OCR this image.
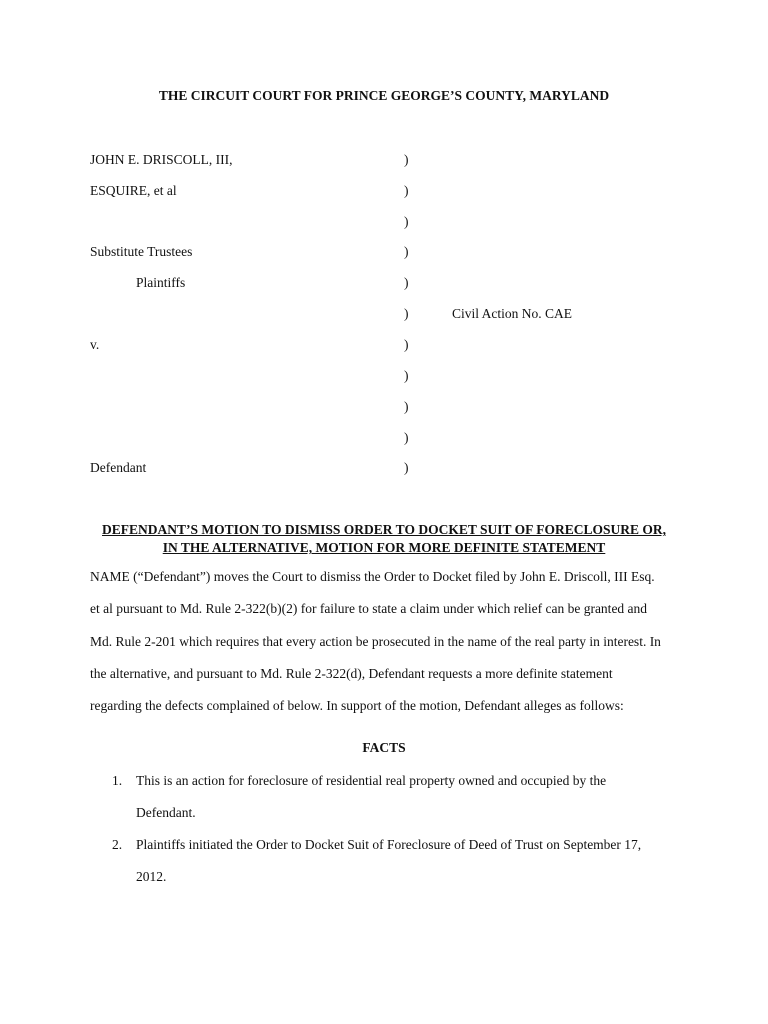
THE CIRCUIT COURT FOR PRINCE GEORGE’S COUNTY, MARYLAND
JOHN E. DRISCOLL, III,	)
ESQUIRE, et al	)
)
Substitute Trustees	)
Plaintiffs	)
)	Civil Action No. CAE
v.	)
)
)
)
Defendant	)
DEFENDANT’S MOTION TO DISMISS ORDER TO DOCKET SUIT OF FORECLOSURE OR,
IN THE ALTERNATIVE, MOTION FOR MORE DEFINITE STATEMENT
NAME (“Defendant”) moves the Court to dismiss the Order to Docket filed by John E. Driscoll, III Esq.
et al pursuant to Md. Rule 2-322(b)(2) for failure to state a claim under which relief can be granted and
Md. Rule 2-201 which requires that every action be prosecuted in the name of the real party in interest. In
the alternative, and pursuant to Md. Rule 2-322(d), Defendant requests a more definite statement
regarding the defects complained of below. In support of the motion, Defendant alleges as follows:
FACTS
1. This is an action for foreclosure of residential real property owned and occupied by the
Defendant.
2. Plaintiffs initiated the Order to Docket Suit of Foreclosure of Deed of Trust on September 17,
2012.
